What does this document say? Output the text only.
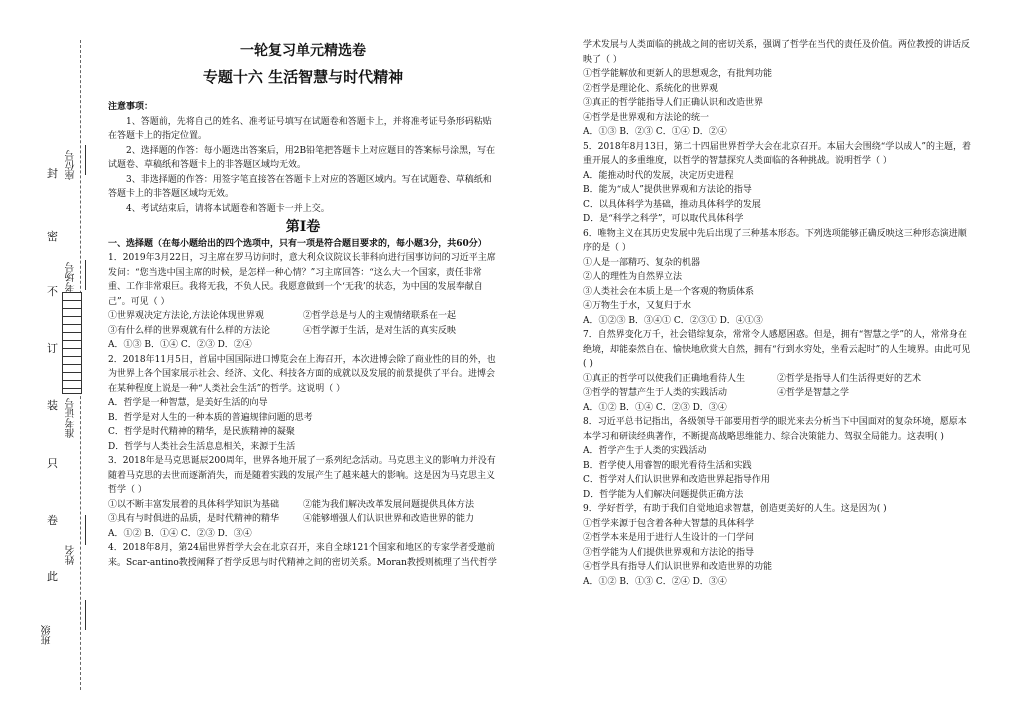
封
密
不
订
装
只
卷
此
座位号
考场号
准考证号
姓名
班级
一轮复习单元精选卷
专题十六 生活智慧与时代精神

注意事项：

1、答题前，先将自己的姓名、准考证号填写在试题卷和答题卡上，并将准考证号条形码粘贴在答题卡上的指定位置。

2、选择题的作答：每小题选出答案后，用2B铅笔把答题卡上对应题目的答案标号涂黑，写在试题卷、草稿纸和答题卡上的非答题区域均无效。

3、非选择题的作答：用签字笔直接答在答题卡上对应的答题区域内。写在试题卷、草稿纸和答题卡上的非答题区域均无效。

4、考试结束后，请将本试题卷和答题卡一并上交。

第Ⅰ卷

一、选择题（在每小题给出的四个选项中，只有一项是符合题目要求的，每小题3分，共60分）

1．2019年3月22日，习主席在罗马访问时，意大利众议院议长菲科向进行国事访问的习近平主席发问：“您当选中国主席的时候，是怎样一种心情？”习主席回答：“这么大一个国家，责任非常重、工作非常艰巨。我将无我，不负人民。我愿意做到一个‘无我’的状态，为中国的发展奉献自己”。可见（ ）

①世界观决定方法论,方法论体现世界观	②哲学总是与人的主观情绪联系在一起
③有什么样的世界观就有什么样的方法论	④哲学源于生活，是对生活的真实反映

A．①③ B．①④ C．②③ D．②④

2．2018年11月5日，首届中国国际进口博览会在上海召开，本次进博会除了商业性的目的外，也为世界上各个国家展示社会、经济、文化、科技各方面的成就以及发展的前景提供了平台。进博会在某种程度上说是一种“人类社会生活”的哲学。这说明（ ）

A．哲学是一种智慧，是美好生活的向导

B．哲学是对人生的一种本质的普遍规律问题的思考

C．哲学是时代精神的精华，是民族精神的凝聚

D．哲学与人类社会生活息息相关，来源于生活

3．2018年是马克思诞辰200周年，世界各地开展了一系列纪念活动。马克思主义的影响力并没有随着马克思的去世而逐渐消失，而是随着实践的发展产生了越来越大的影响。这是因为马克思主义哲学（ ）

①以不断丰富发展着的具体科学知识为基础	②能为我们解决改革发展问题提供具体方法
③具有与时俱进的品质，是时代精神的精华	④能够增强人们认识世界和改造世界的能力

A．①② B．①④ C．②③ D．③④

4．2018年8月，第24届世界哲学大会在北京召开，来自全球121个国家和地区的专家学者受邀前来。Scar-antino教授阐释了哲学反思与时代精神之间的密切关系。Moran教授则梳理了当代哲学

学术发展与人类面临的挑战之间的密切关系，强调了哲学在当代的责任及价值。两位教授的讲话反映了（ ）

①哲学能解放和更新人的思想观念，有批判功能

②哲学是理论化、系统化的世界观

③真正的哲学能指导人们正确认识和改造世界

④哲学是世界观和方法论的统一

A．①③ B．②③ C．①④ D．②④

5．2018年8月13日，第二十四届世界哲学大会在北京召开。本届大会围绕“学以成人”的主题，着重开展人的多重维度，以哲学的智慧探究人类面临的各种挑战。说明哲学（ ）

A．能推动时代的发展，决定历史进程

B．能为“成人”提供世界观和方法论的指导

C．以具体科学为基础，推动具体科学的发展

D．是“科学之科学”，可以取代具体科学

6．唯物主义在其历史发展中先后出现了三种基本形态。下列选项能够正确反映这三种形态演进顺序的是（ ）

①人是一部精巧、复杂的机器

②人的理性为自然界立法

③人类社会在本质上是一个客观的物质体系

④万物生于水，又复归于水

A．①②③ B．③④① C．②③① D．④①③

7．自然界变化万千，社会错综复杂，常常令人感愿困惑。但是，拥有“智慧之学”的人，常常身在绝境，却能泰然自在、愉快地欣赏大自然，拥有“行到水穷处，坐看云起时”的人生境界。由此可见( )

①真正的哲学可以使我们正确地看待人生	②哲学是指导人们生活得更好的艺术
③哲学的智慧产生于人类的实践活动	④哲学是智慧之学

A．①② B．①④ C．②③ D．③④

8．习近平总书记指出，各级领导干部要用哲学的眼光来去分析当下中国面对的复杂环境，愿原本本学习和研读经典著作，不断提高战略思维能力、综合决策能力、驾驭全局能力。这表明( )

A．哲学产生于人类的实践活动

B．哲学使人用睿智的眼光看待生活和实践

C．哲学对人们认识世界和改造世界起指导作用

D．哲学能为人们解决问题提供正确方法

9．学好哲学，有助于我们自觉地追求智慧，创造更美好的人生。这是因为( )

①哲学来源于包含着各种大智慧的具体科学

②哲学本来是用于进行人生设计的一门学问

③哲学能为人们提供世界观和方法论的指导

④哲学具有指导人们认识世界和改造世界的功能

A．①② B．①③ C．②④ D．③④
